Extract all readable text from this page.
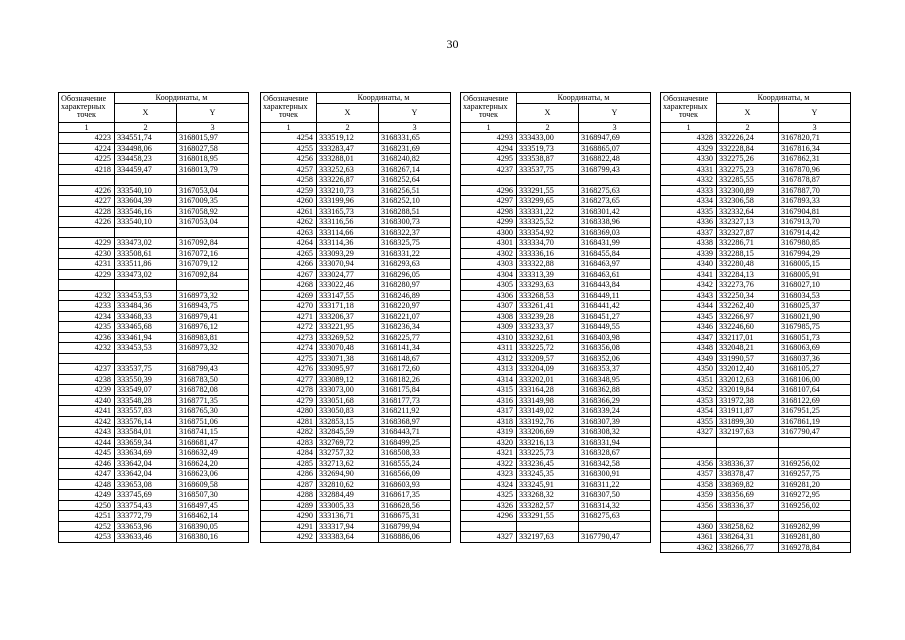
30
Обозначение
характерных
точек	Координаты, м	
	X	Y
1	2	3
4223	334551,74	3168015,97
4224	334498,06	3168027,58
4225	334458,23	3168018,95
4218	334459,47	3168013,79

4226	333540,10	3167053,04
4227	333604,39	3167009,35
4228	333546,16	3167058,92
4226	333540,10	3167053,04

4229	333473,02	3167092,84
4230	333508,61	3167072,16
4231	333511,86	3167079,12
4229	333473,02	3167092,84

4232	333453,53	3168973,32
4233	333484,36	3168943,75
4234	333468,33	3168979,41
4235	333465,68	3168976,12
4236	333461,94	3168983,81
4232	333453,53	3168973,32

4237	333537,75	3168799,43
4238	333550,39	3168783,50
4239	333549,07	3168782,08
4240	333548,28	3168771,35
4241	333557,83	3168765,30
4242	333576,14	3168751,06
4243	333584,01	3168741,15
4244	333659,34	3168681,47
4245	333634,69	3168632,49
4246	333642,04	3168624,20
4247	333642,04	3168623,06
4248	333653,08	3168609,58
4249	333745,69	3168507,30
4250	333754,43	3168497,45
4251	333772,79	3168462,14
4252	333653,96	3168390,05
4253	333633,46	3168380,16
Обозначение
характерных
точек	Координаты, м	
	X	Y
1	2	3
4254	333519,12	3168331,65
4255	333283,47	3168231,69
4256	333288,01	3168240,82
4257	333252,63	3168267,14
4258	333226,87	3168252,64
4259	333210,73	3168256,51
4260	333199,96	3168252,10
4261	333165,73	3168288,51
4262	333116,56	3168300,73
4263	333114,66	3168322,37
4264	333114,36	3168325,75
4265	333093,29	3168331,22
4266	333070,94	3168293,63
4267	333024,77	3168296,05
4268	333022,46	3168280,97
4269	333147,55	3168246,89
4270	333171,18	3168220,97
4271	333206,37	3168221,07
4272	333221,95	3168236,34
4273	333269,52	3168225,77
4274	333070,48	3168141,34
4275	333071,38	3168148,67
4276	333095,97	3168172,60
4277	333089,12	3168182,26
4278	333073,00	3168175,84
4279	333051,68	3168177,73
4280	333050,83	3168211,92
4281	332853,15	3168368,97
4282	332845,59	3168443,71
4283	332769,72	3168499,25
4284	332757,32	3168508,33
4285	332713,62	3168555,24
4286	332694,90	3168566,09
4287	332810,62	3168603,93
4288	332884,49	3168617,35
4289	333005,33	3168628,56
4290	333136,71	3168675,31
4291	333317,94	3168799,94
4292	333383,64	3168886,06
Обозначение
характерных
точек	Координаты, м	
	X	Y
1	2	3
4293	333433,00	3168947,69
4294	333519,73	3168865,07
4295	333538,87	3168822,48
4237	333537,75	3168799,43

4296	333291,55	3168275,63
4297	333299,65	3168273,65
4298	333331,22	3168301,42
4299	333325,52	3168338,96
4300	333354,92	3168369,03
4301	333334,70	3168431,99
4302	333336,16	3168455,84
4303	333322,88	3168463,97
4304	333313,39	3168463,61
4305	333293,63	3168443,84
4306	333268,53	3168449,11
4307	333261,41	3168441,42
4308	333239,28	3168451,27
4309	333233,37	3168449,55
4310	333232,61	3168403,98
4311	333225,72	3168356,08
4312	333209,57	3168352,06
4313	333204,09	3168353,37
4314	333202,01	3168348,95
4315	333164,28	3168362,88
4316	333149,98	3168366,29
4317	333149,02	3168339,24
4318	333192,76	3168307,39
4319	333206,69	3168308,32
4320	333216,13	3168331,94
4321	333225,73	3168328,67
4322	333236,45	3168342,58
4323	333245,35	3168300,91
4324	333245,91	3168311,22
4325	333268,32	3168307,50
4326	333282,57	3168314,32
4296	333291,55	3168275,63

4327	332197,63	3167790,47
Обозначение
характерных
точек	Координаты, м	
	X	Y
1	2	3
4328	332226,24	3167820,71
4329	332228,84	3167816,34
4330	332275,26	3167862,31
4331	332275,23	3167870,96
4332	332285,55	3167878,87
4333	332300,89	3167887,70
4334	332306,58	3167893,33
4335	332332,64	3167904,81
4336	332327,13	3167913,70
4337	332327,87	3167914,42
4338	332286,71	3167980,85
4339	332288,15	3167994,29
4340	332280,48	3168005,15
4341	332284,13	3168005,91
4342	332273,76	3168027,10
4343	332250,34	3168034,53
4344	332262,40	3168025,37
4345	332266,97	3168021,90
4346	332246,60	3167985,75
4347	332117,01	3168051,73
4348	332048,21	3168063,69
4349	331990,57	3168037,36
4350	332012,40	3168105,27
4351	332012,63	3168106,00
4352	332019,84	3168107,64
4353	331972,38	3168122,69
4354	331911,87	3167951,25
4355	331899,30	3167861,19
4327	332197,63	3167790,47

4356	338336,37	3169256,02
4357	338378,47	3169257,75
4358	338369,82	3169281,20
4359	338356,69	3169272,95
4356	338336,37	3169256,02

4360	338258,62	3169282,99
4361	338264,31	3169281,80
4362	338266,77	3169278,84
